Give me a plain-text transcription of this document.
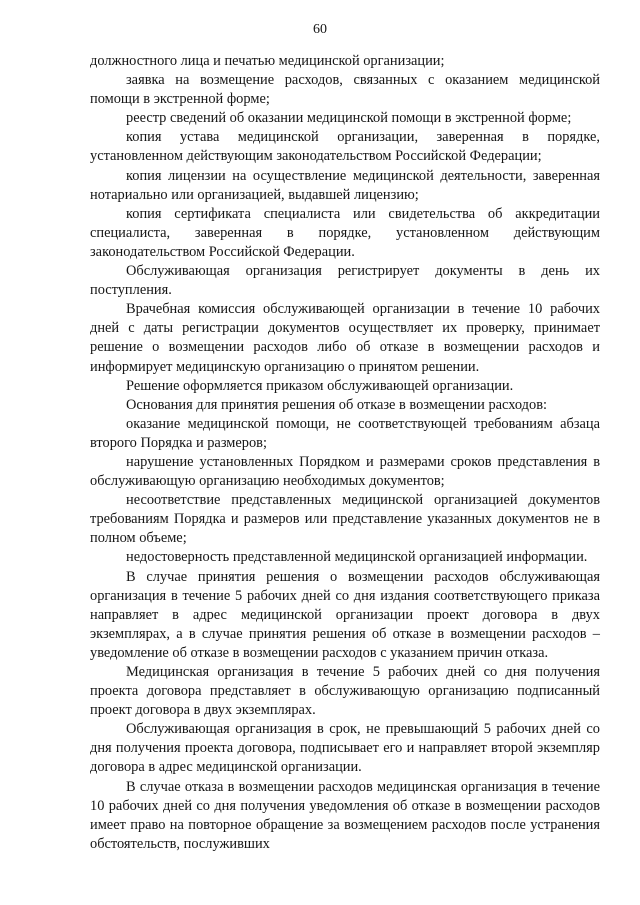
60

должностного лица и печатью медицинской организации;

заявка на возмещение расходов, связанных с оказанием медицинской помощи в экстренной форме;

реестр сведений об оказании медицинской помощи в экстренной форме;

копия устава медицинской организации, заверенная в порядке, установленном действующим законодательством Российской Федерации;

копия лицензии на осуществление медицинской деятельности, заверенная нотариально или организацией, выдавшей лицензию;

копия сертификата специалиста или свидетельства об аккредитации специалиста, заверенная в порядке, установленном действующим законодательством Российской Федерации.

Обслуживающая организация регистрирует документы в день их поступления.

Врачебная комиссия обслуживающей организации в течение 10 рабочих дней с даты регистрации документов осуществляет их проверку, принимает решение о возмещении расходов либо об отказе в возмещении расходов и информирует медицинскую организацию о принятом решении.

Решение оформляется приказом обслуживающей организации.

Основания для принятия решения об отказе в возмещении расходов:

оказание медицинской помощи, не соответствующей требованиям абзаца второго Порядка и размеров;

нарушение установленных Порядком и размерами сроков представления в обслуживающую организацию необходимых документов;

несоответствие представленных медицинской организацией документов требованиям Порядка и размеров или представление указанных документов не в полном объеме;

недостоверность представленной медицинской организацией информации.

В случае принятия решения о возмещении расходов обслуживающая организация в течение 5 рабочих дней со дня издания соответствующего приказа направляет в адрес медицинской организации проект договора в двух экземплярах, а в случае принятия решения об отказе в возмещении расходов – уведомление об отказе в возмещении расходов с указанием причин отказа.

Медицинская организация в течение 5 рабочих дней со дня получения проекта договора представляет в обслуживающую организацию подписанный проект договора в двух экземплярах.

Обслуживающая организация в срок, не превышающий 5 рабочих дней со дня получения проекта договора, подписывает его и направляет второй экземпляр договора в адрес медицинской организации.

В случае отказа в возмещении расходов медицинская организация в течение 10 рабочих дней со дня получения уведомления об отказе в возмещении расходов имеет право на повторное обращение за возмещением расходов после устранения обстоятельств, послуживших
